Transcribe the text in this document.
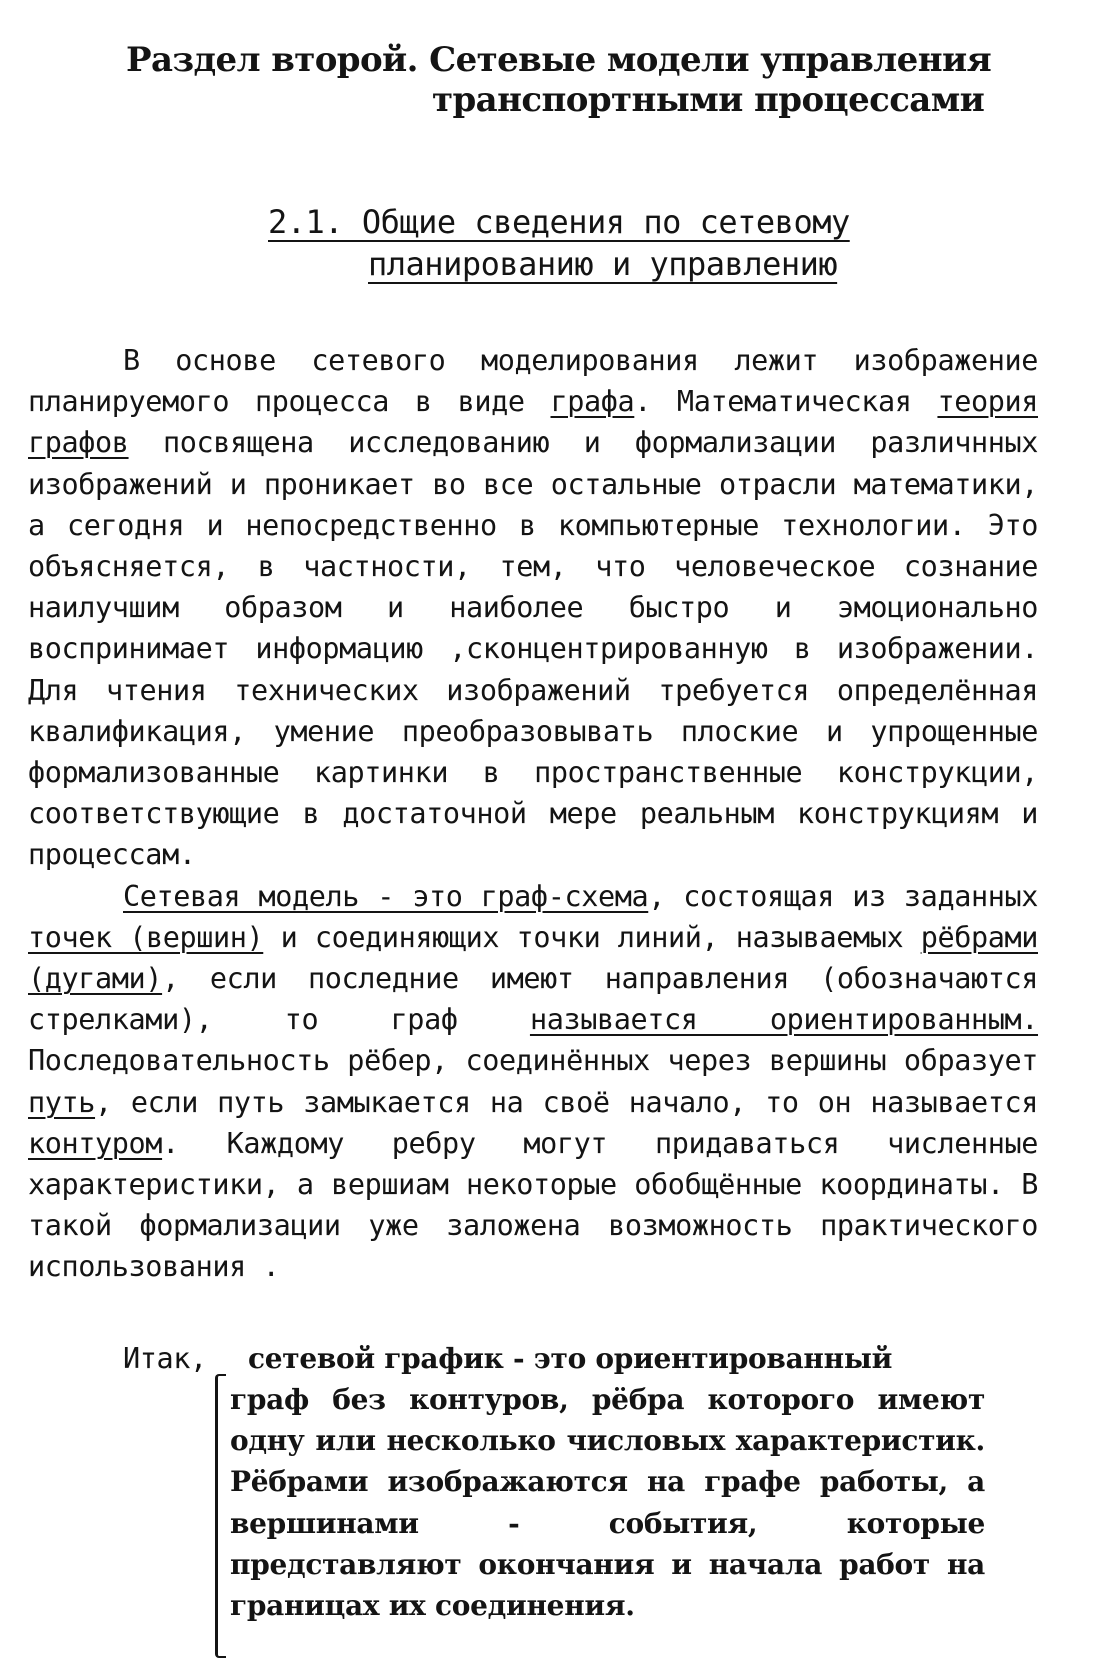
Раздел второй. Сетевые модели управления
транспортными процессами
2.1. Общие сведения по сетевому
планированию и управлению

В основе сетевого моделирования лежит изображение планируемого процесса в виде графа. Математическая теория графов посвящена исследованию и формализации различнных изображений и проникает во все остальные отрасли математики, а сегодня и непосредственно в компьютерные технологии. Это объясняется, в частности, тем, что человеческое сознание наилучшим образом и наиболее быстро и эмоционально воспринимает информацию ,сконцентрированную в изображении. Для чтения технических изображений требуется определённая квалификация, умение преобразовывать плоские и упрощенные формализованные картинки в пространственные конструкции, соответствующие в достаточной мере реальным конструкциям и процессам.

Сетевая модель - это граф-схема, состоящая из заданных точек (вершин) и соединяющих точки линий, называемых рёбрами (дугами), если последние имеют направления (обозначаются стрелками), то граф называется ориентированным. Последовательность рёбер, соединённых через вершины образует путь, если путь замыкается на своё начало, то он называется контуром. Каждому ребру могут придаваться численные характеристики, а вершиам некоторые обобщённые координаты. В такой формализации уже заложена возможность практического использования .

Итак, сетевой график - это ориентированный
граф без контуров, рёбра которого имеют одну или несколько числовых характеристик. Рёбрами изображаются на графе работы, а вершинами - события, которые представляют окончания и начала работ на границах их соединения.
